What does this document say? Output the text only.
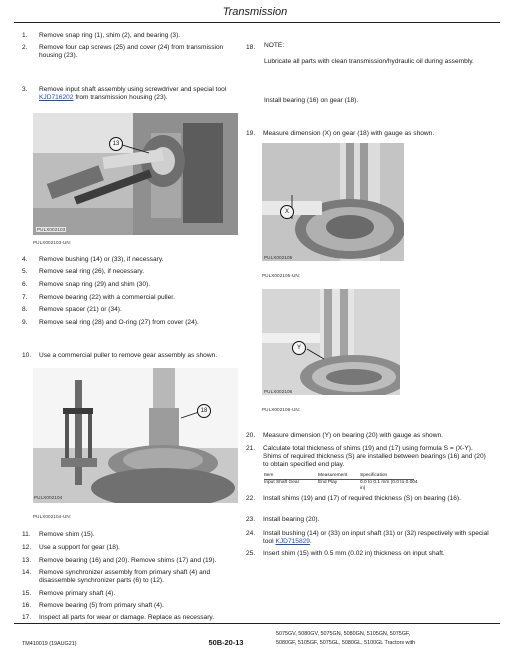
Transmission
1. Remove snap ring (1), shim (2), and bearing (3).
2. Remove four cap screws (25) and cover (24) from transmission housing (23).
3. Remove input shaft assembly using screwdriver and special tool KJD716202 from transmission housing (23).
13
PULX002103
PULX002103-UN:
4. Remove bushing (14) or (33), if necessary.
5. Remove seal ring (26), if necessary.
6. Remove snap ring (29) and shim (30).
7. Remove bearing (22) with a commercial puller.
8. Remove spacer (21) or (34).
9. Remove seal ring (28) and O-ring (27) from cover (24).
10. Use a commercial puller to remove gear assembly as shown.
18
PULX002104
PULX002104-UN:
11. Remove shim (15).
12. Use a support for gear (18).
13. Remove bearing (16) and (20). Remove shims (17) and (19).
14. Remove synchronizer assembly from primary shaft (4) and disassemble synchronizer parts (6) to (12).
15. Remove primary shaft (4).
16. Remove bearing (5) from primary shaft (4).
17. Inspect all parts for wear or damage. Replace as necessary.
18. NOTE:
Lubricate all parts with clean transmission/hydraulic oil during assembly.
Install bearing (16) on gear (18).
19. Measure dimension (X) on gear (18) with gauge as shown.
X
PULX002105
PULX002105-UN:
Y
PULX002106
PULX002106-UN:
20. Measure dimension (Y) on bearing (20) with gauge as shown.
21. Calculate total thickness of shims (19) and (17) using formula S = (X-Y). Shims of required thickness (S) are installed between bearings (16) and (20) to obtain specified end play.
Item	Measurement	Specification
Input Shaft Gear	End Play	0.0 to 0.1 mm (0.0 to 0.004 in)
22. Install shims (19) and (17) of required thickness (S) on bearing (16).
23. Install bearing (20).
24. Install bushing (14) or (33) on input shaft (31) or (32) respectively with special tool KJD715829.
25. Insert shim (15) with 0.5 mm (0.02 in) thickness on input shaft.
TM410019 (19AUG21)	50B-20-13
5075GV, 5080GV, 5075GN, 5080GN, 5105GN, 5075GF,
5080GF, 5105GF, 5075GL, 5080GL, 5100GL Tractors with
